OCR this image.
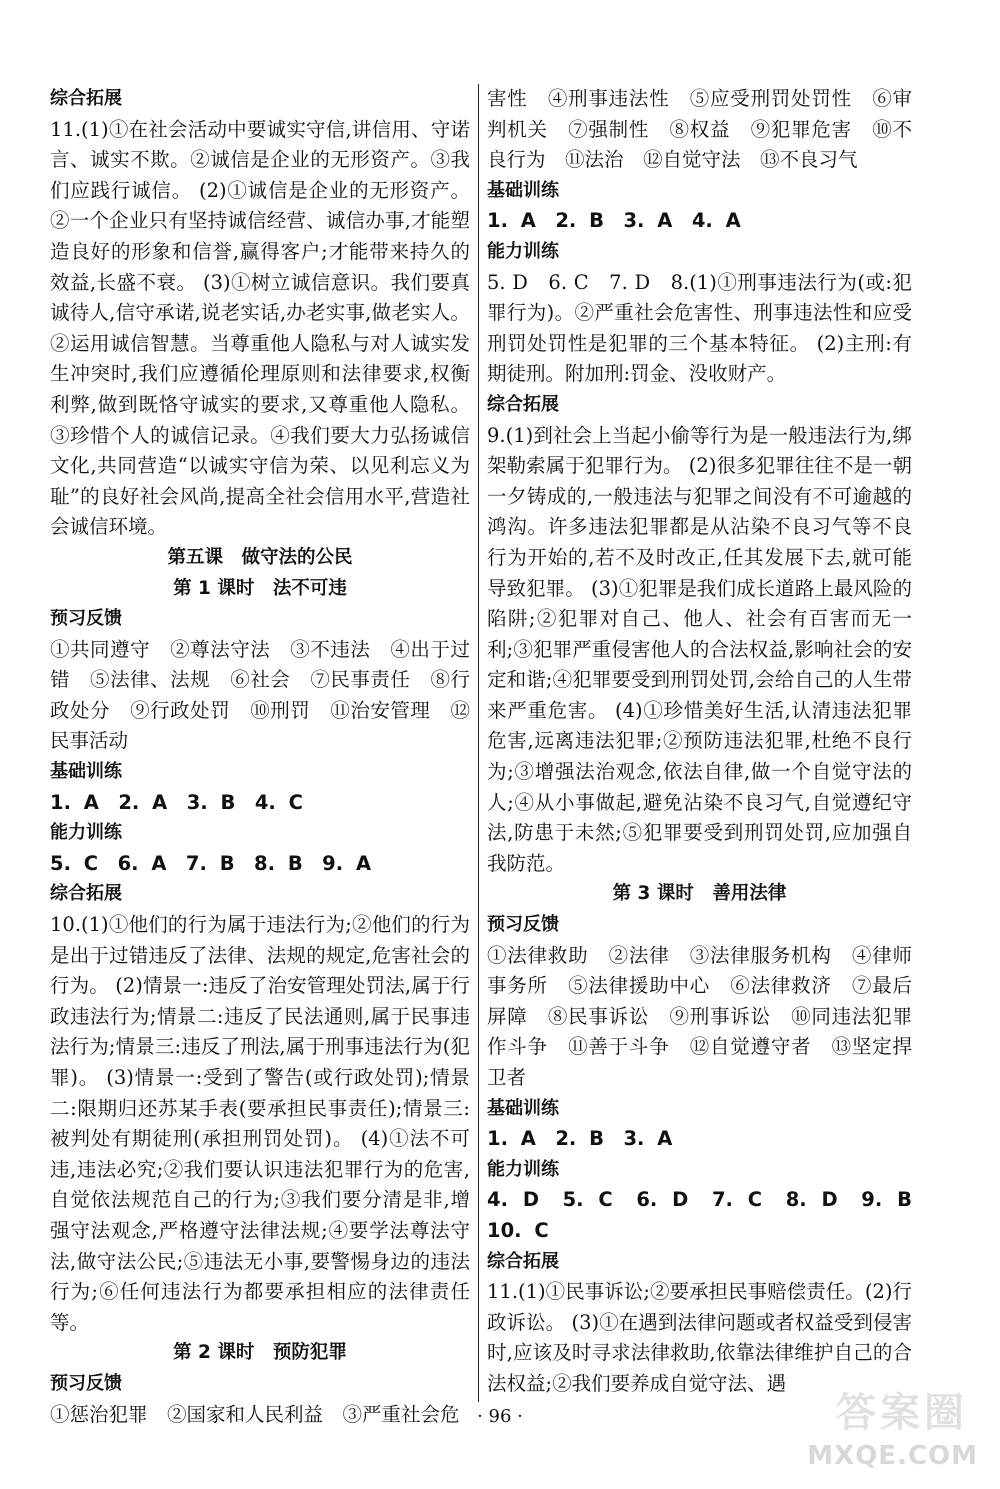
综合拓展

11.(1)①在社会活动中要诚实守信,讲信用、守诺言、诚实不欺。②诚信是企业的无形资产。③我们应践行诚信。 (2)①诚信是企业的无形资产。②一个企业只有坚持诚信经营、诚信办事,才能塑造良好的形象和信誉,赢得客户;才能带来持久的效益,长盛不衰。 (3)①树立诚信意识。我们要真诚待人,信守承诺,说老实话,办老实事,做老实人。②运用诚信智慧。当尊重他人隐私与对人诚实发生冲突时,我们应遵循伦理原则和法律要求,权衡利弊,做到既恪守诚实的要求,又尊重他人隐私。③珍惜个人的诚信记录。④我们要大力弘扬诚信文化,共同营造“以诚实守信为荣、以见利忘义为耻”的良好社会风尚,提高全社会信用水平,营造社会诚信环境。

第五课　做守法的公民
第 1 课时　法不可违
预习反馈

①共同遵守　②尊法守法　③不违法　④出于过错　⑤法律、法规　⑥社会　⑦民事责任　⑧行政处分　⑨行政处罚　⑩刑罚　⑪治安管理　⑫民事活动

基础训练
1. A　2. A　3. B　4. C
能力训练
5. C　6. A　7. B　8. B　9. A
综合拓展

10.(1)①他们的行为属于违法行为;②他们的行为是出于过错违反了法律、法规的规定,危害社会的行为。 (2)情景一:违反了治安管理处罚法,属于行政违法行为;情景二:违反了民法通则,属于民事违法行为;情景三:违反了刑法,属于刑事违法行为(犯罪)。 (3)情景一:受到了警告(或行政处罚);情景二:限期归还苏某手表(要承担民事责任);情景三:被判处有期徒刑(承担刑罚处罚)。 (4)①法不可违,违法必究;②我们要认识违法犯罪行为的危害,自觉依法规范自己的行为;③我们要分清是非,增强守法观念,严格遵守法律法规;④要学法尊法守法,做守法公民;⑤违法无小事,要警惕身边的违法行为;⑥任何违法行为都要承担相应的法律责任等。

第 2 课时　预防犯罪
预习反馈

①惩治犯罪　②国家和人民利益　③严重社会危

害性　④刑事违法性　⑤应受刑罚处罚性　⑥审判机关　⑦强制性　⑧权益　⑨犯罪危害　⑩不良行为　⑪法治　⑫自觉守法　⑬不良习气

基础训练
1. A　2. B　3. A　4. A
能力训练

5. D　6. C　7. D　8.(1)①刑事违法行为(或:犯罪行为)。②严重社会危害性、刑事违法性和应受刑罚处罚性是犯罪的三个基本特征。 (2)主刑:有期徒刑。附加刑:罚金、没收财产。

综合拓展

9.(1)到社会上当起小偷等行为是一般违法行为,绑架勒索属于犯罪行为。 (2)很多犯罪往往不是一朝一夕铸成的,一般违法与犯罪之间没有不可逾越的鸿沟。许多违法犯罪都是从沾染不良习气等不良行为开始的,若不及时改正,任其发展下去,就可能导致犯罪。 (3)①犯罪是我们成长道路上最风险的陷阱;②犯罪对自己、他人、社会有百害而无一利;③犯罪严重侵害他人的合法权益,影响社会的安定和谐;④犯罪要受到刑罚处罚,会给自己的人生带来严重危害。 (4)①珍惜美好生活,认清违法犯罪危害,远离违法犯罪;②预防违法犯罪,杜绝不良行为;③增强法治观念,依法自律,做一个自觉守法的人;④从小事做起,避免沾染不良习气,自觉遵纪守法,防患于未然;⑤犯罪要受到刑罚处罚,应加强自我防范。

第 3 课时　善用法律
预习反馈

①法律救助　②法律　③法律服务机构　④律师事务所　⑤法律援助中心　⑥法律救济　⑦最后屏障　⑧民事诉讼　⑨刑事诉讼　⑩同违法犯罪作斗争　⑪善于斗争　⑫自觉遵守者　⑬坚定捍卫者

基础训练
1. A　2. B　3. A
能力训练
4. D　5. C　6. D　7. C　8. D　9. B　10. C
综合拓展

11.(1)①民事诉讼;②要承担民事赔偿责任。(2)行政诉讼。 (3)①在遇到法律问题或者权益受到侵害时,应该及时寻求法律救助,依靠法律维护自己的合法权益;②我们要养成自觉守法、遇

· 96 ·	答案圈
MXQE.COM
